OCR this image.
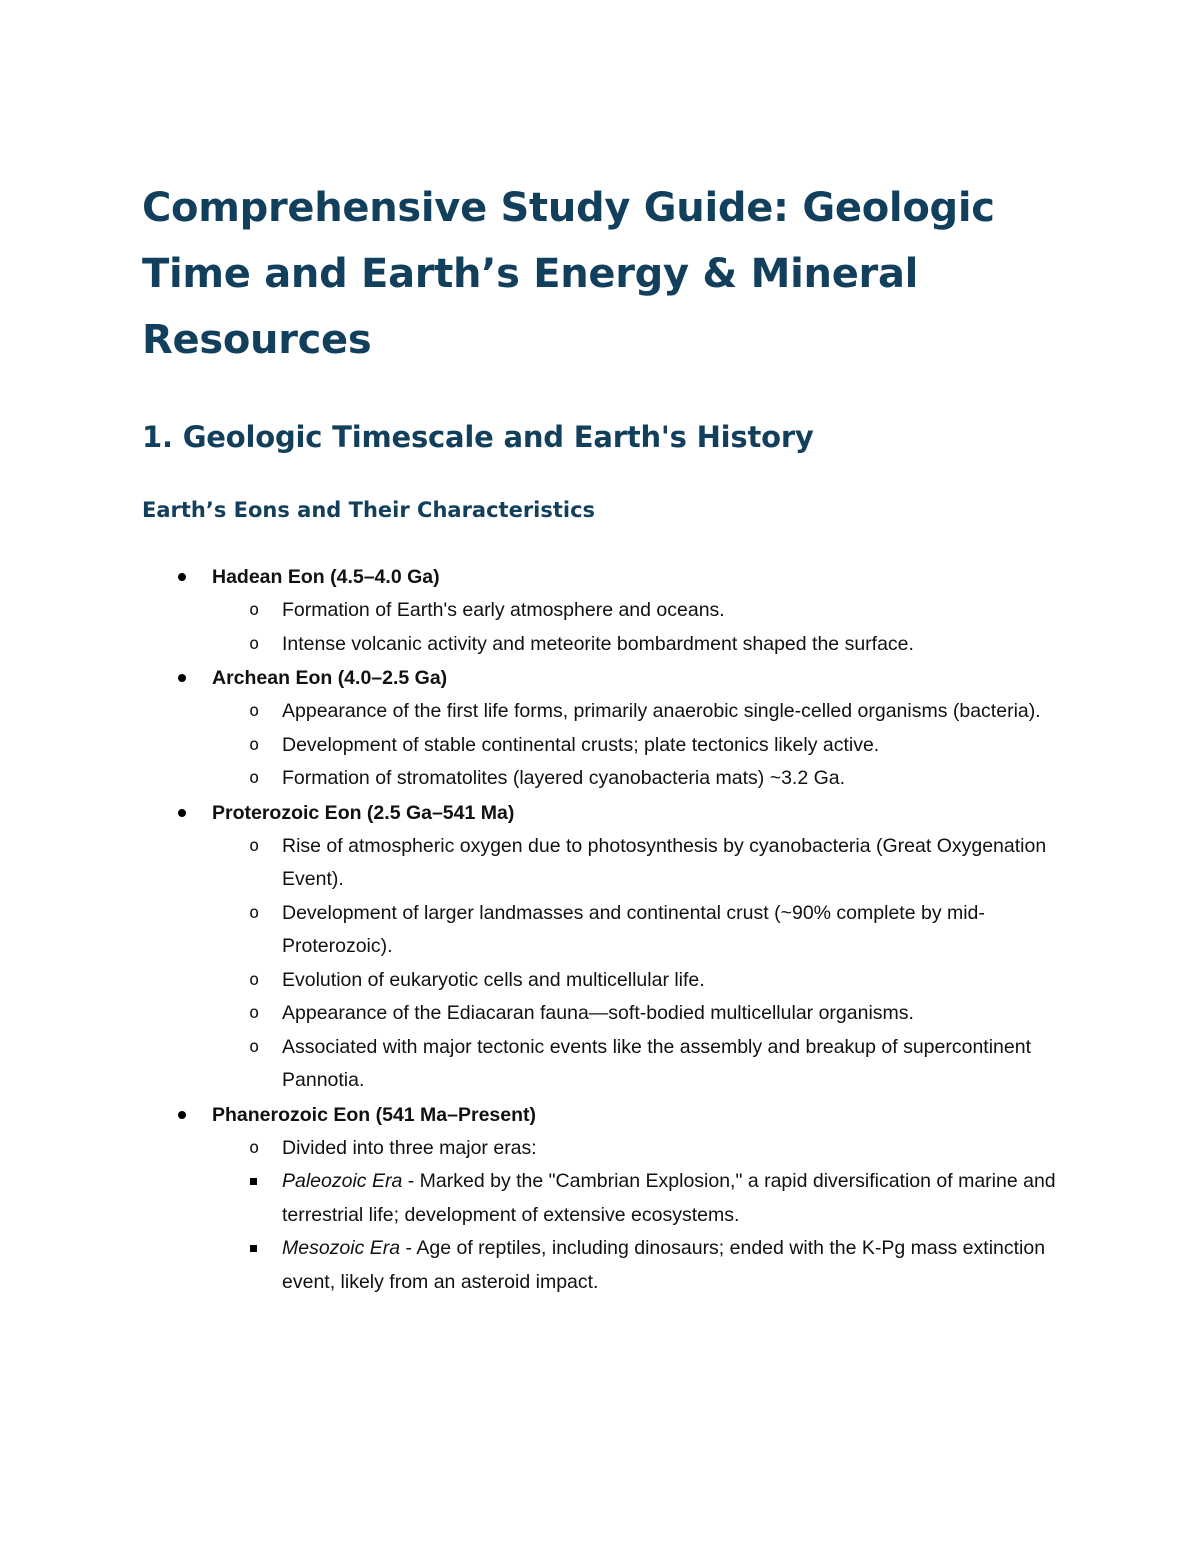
Comprehensive Study Guide: Geologic Time and Earth’s Energy & Mineral Resources
1. Geologic Timescale and Earth's History
Earth’s Eons and Their Characteristics
Hadean Eon (4.5–4.0 Ga)
o Formation of Earth's early atmosphere and oceans.
o Intense volcanic activity and meteorite bombardment shaped the surface.
Archean Eon (4.0–2.5 Ga)
o Appearance of the first life forms, primarily anaerobic single-celled organisms (bacteria).
o Development of stable continental crusts; plate tectonics likely active.
o Formation of stromatolites (layered cyanobacteria mats) ~3.2 Ga.
Proterozoic Eon (2.5 Ga–541 Ma)
o Rise of atmospheric oxygen due to photosynthesis by cyanobacteria (Great Oxygenation Event).
o Development of larger landmasses and continental crust (~90% complete by mid-Proterozoic).
o Evolution of eukaryotic cells and multicellular life.
o Appearance of the Ediacaran fauna—soft-bodied multicellular organisms.
o Associated with major tectonic events like the assembly and breakup of supercontinent Pannotia.
Phanerozoic Eon (541 Ma–Present)
o Divided into three major eras:
Paleozoic Era - Marked by the "Cambrian Explosion," a rapid diversification of marine and terrestrial life; development of extensive ecosystems.
Mesozoic Era - Age of reptiles, including dinosaurs; ended with the K-Pg mass extinction event, likely from an asteroid impact.
